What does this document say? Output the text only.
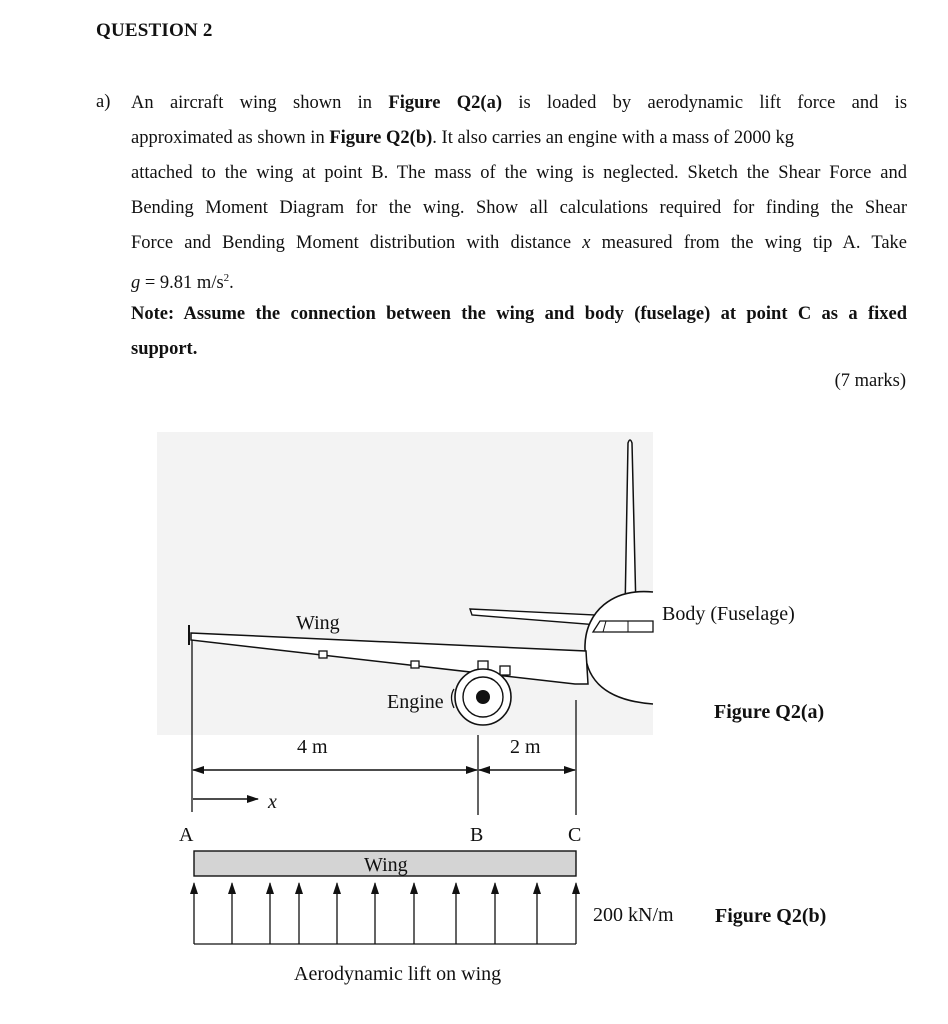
QUESTION 2
a) An aircraft wing shown in Figure Q2(a) is loaded by aerodynamic lift force and is
approximated as shown in Figure Q2(b). It also carries an engine with a mass of 2000 kg
attached to the wing at point B. The mass of the wing is neglected. Sketch the Shear Force and
Bending Moment Diagram for the wing. Show all calculations required for finding the Shear
Force and Bending Moment distribution with distance x measured from the wing tip A. Take
g = 9.81 $m/s^2$.
Note: Assume the connection between the wing and body (fuselage) at point C as a fixed
support.
(7 marks)
Wing
Engine
Body (Fuselage)
Figure Q2(a)
4 m	2 m
x
A	B	C
Wing
200 kN/m Figure Q2(b)
Aerodynamic lift on wing
